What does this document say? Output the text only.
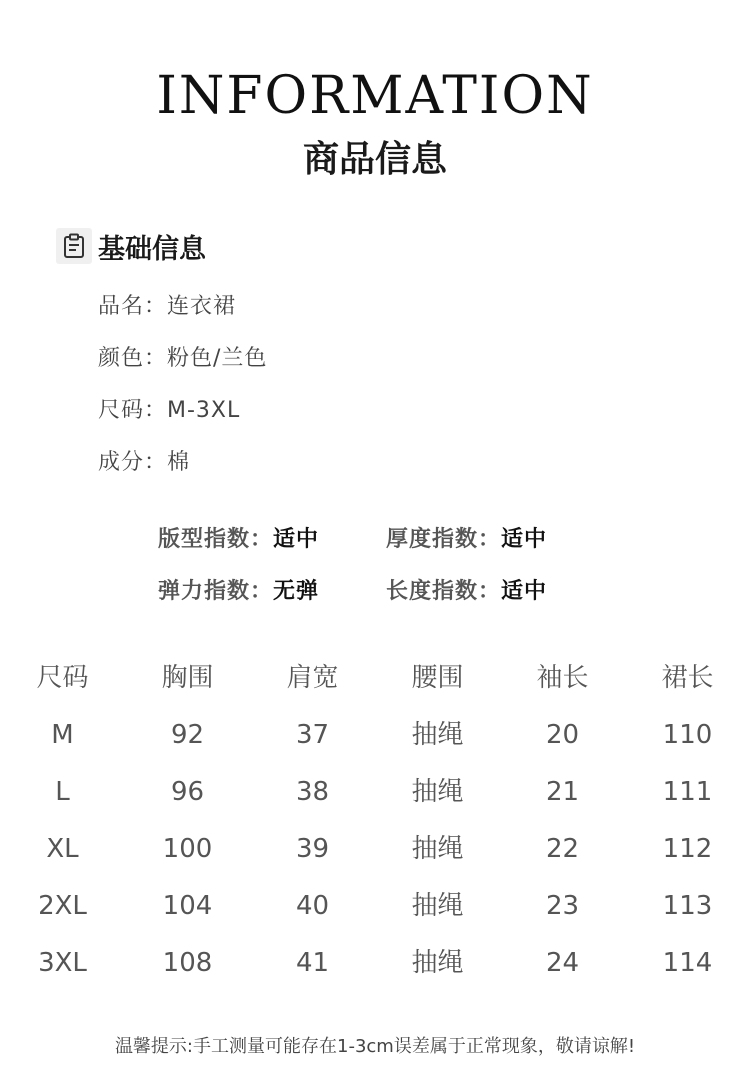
INFORMATION
商品信息
基础信息
品名：连衣裙
颜色：粉色/兰色
尺码：M-3XL
成分：棉
版型指数：适中	厚度指数：适中
弹力指数：无弹	长度指数：适中
尺码	胸围	肩宽	腰围	袖长	裙长
M	92	37	抽绳	20	110
L	96	38	抽绳	21	111
XL	100	39	抽绳	22	112
2XL	104	40	抽绳	23	113
3XL	108	41	抽绳	24	114
温馨提示:手工测量可能存在1-3cm误差属于正常现象，敬请谅解!
